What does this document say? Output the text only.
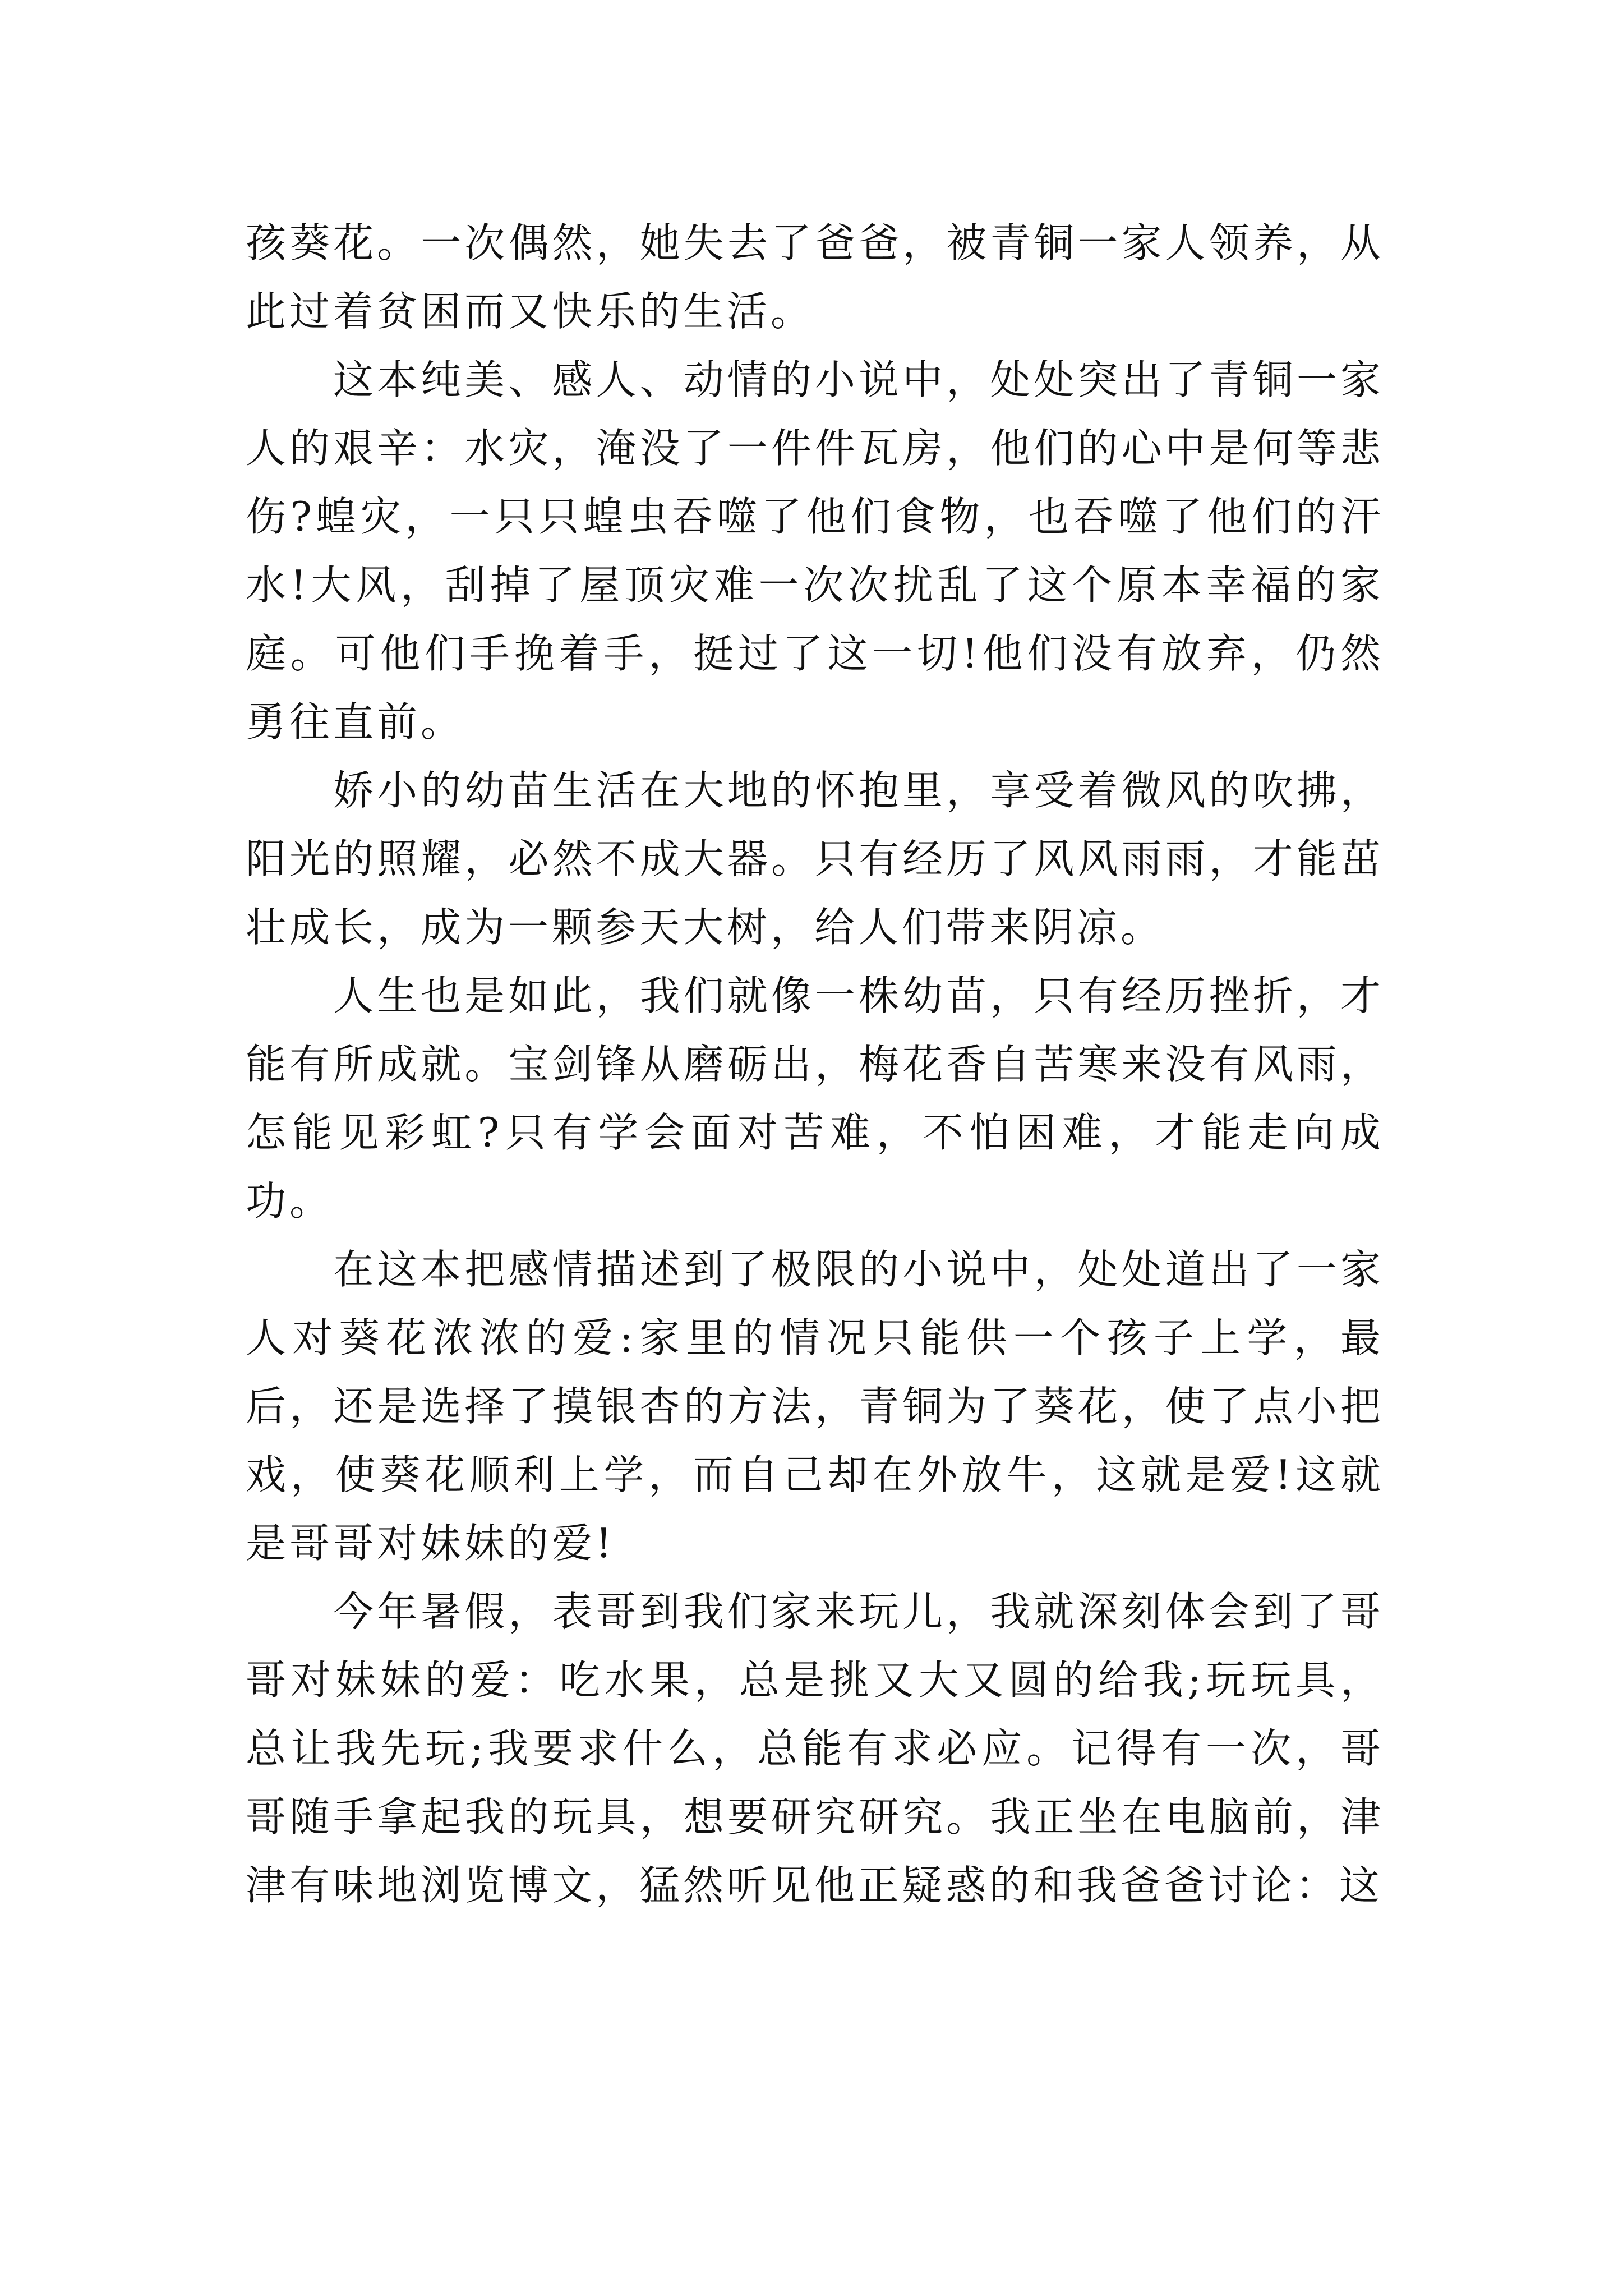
孩葵花。一次偶然，她失去了爸爸，被青铜一家人领养，从此过着贫困而又快乐的生活。

这本纯美、感人、动情的小说中，处处突出了青铜一家人的艰辛：水灾，淹没了一件件瓦房，他们的心中是何等悲伤?蝗灾，一只只蝗虫吞噬了他们食物，也吞噬了他们的汗水!大风，刮掉了屋顶灾难一次次扰乱了这个原本幸福的家庭。可他们手挽着手，挺过了这一切!他们没有放弃，仍然勇往直前。

娇小的幼苗生活在大地的怀抱里，享受着微风的吹拂，阳光的照耀，必然不成大器。只有经历了风风雨雨，才能茁壮成长，成为一颗参天大树，给人们带来阴凉。

人生也是如此，我们就像一株幼苗，只有经历挫折，才能有所成就。宝剑锋从磨砺出，梅花香自苦寒来没有风雨，怎能见彩虹?只有学会面对苦难，不怕困难，才能走向成功。

在这本把感情描述到了极限的小说中，处处道出了一家人对葵花浓浓的爱:家里的情况只能供一个孩子上学，最后，还是选择了摸银杏的方法，青铜为了葵花，使了点小把戏，使葵花顺利上学，而自己却在外放牛，这就是爱!这就是哥哥对妹妹的爱!

今年暑假，表哥到我们家来玩儿，我就深刻体会到了哥哥对妹妹的爱：吃水果，总是挑又大又圆的给我;玩玩具，总让我先玩;我要求什么，总能有求必应。记得有一次，哥哥随手拿起我的玩具，想要研究研究。我正坐在电脑前，津津有味地浏览博文，猛然听见他正疑惑的和我爸爸讨论：这
